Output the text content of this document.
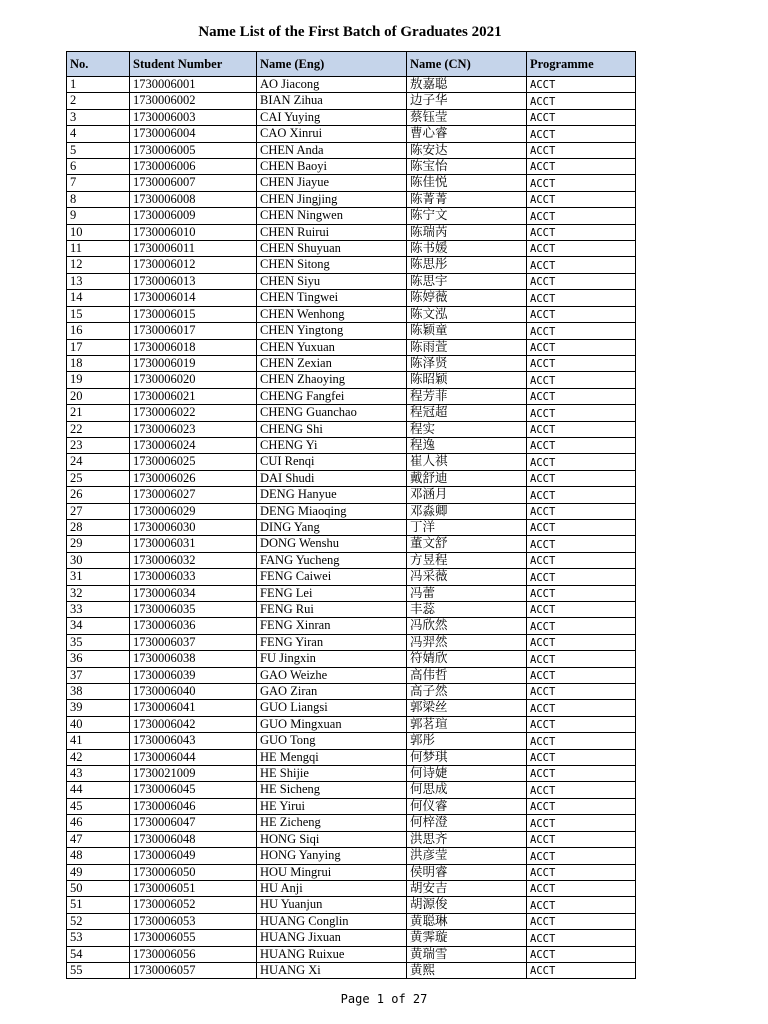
Name List of the First Batch of Graduates 2021
No.	Student Number	Name (Eng)	Name (CN)	Programme
1	1730006001	AO Jiacong	敖嘉聪	ACCT
2	1730006002	BIAN Zihua	边子华	ACCT
3	1730006003	CAI Yuying	蔡钰莹	ACCT
4	1730006004	CAO Xinrui	曹心睿	ACCT
5	1730006005	CHEN Anda	陈安达	ACCT
6	1730006006	CHEN Baoyi	陈宝怡	ACCT
7	1730006007	CHEN Jiayue	陈佳悦	ACCT
8	1730006008	CHEN Jingjing	陈菁菁	ACCT
9	1730006009	CHEN Ningwen	陈宁文	ACCT
10	1730006010	CHEN Ruirui	陈瑞芮	ACCT
11	1730006011	CHEN Shuyuan	陈书媛	ACCT
12	1730006012	CHEN Sitong	陈思彤	ACCT
13	1730006013	CHEN Siyu	陈思宇	ACCT
14	1730006014	CHEN Tingwei	陈婷薇	ACCT
15	1730006015	CHEN Wenhong	陈文泓	ACCT
16	1730006017	CHEN Yingtong	陈颖童	ACCT
17	1730006018	CHEN Yuxuan	陈雨萱	ACCT
18	1730006019	CHEN Zexian	陈泽贤	ACCT
19	1730006020	CHEN Zhaoying	陈昭颖	ACCT
20	1730006021	CHENG Fangfei	程芳菲	ACCT
21	1730006022	CHENG Guanchao	程冠超	ACCT
22	1730006023	CHENG Shi	程实	ACCT
23	1730006024	CHENG Yi	程逸	ACCT
24	1730006025	CUI Renqi	崔人祺	ACCT
25	1730006026	DAI Shudi	戴舒迪	ACCT
26	1730006027	DENG Hanyue	邓涵月	ACCT
27	1730006029	DENG Miaoqing	邓淼卿	ACCT
28	1730006030	DING Yang	丁洋	ACCT
29	1730006031	DONG Wenshu	董文舒	ACCT
30	1730006032	FANG Yucheng	方昱程	ACCT
31	1730006033	FENG Caiwei	冯采薇	ACCT
32	1730006034	FENG Lei	冯蕾	ACCT
33	1730006035	FENG Rui	丰蕊	ACCT
34	1730006036	FENG Xinran	冯欣然	ACCT
35	1730006037	FENG Yiran	冯羿然	ACCT
36	1730006038	FU Jingxin	符婧欣	ACCT
37	1730006039	GAO Weizhe	高伟哲	ACCT
38	1730006040	GAO Ziran	高子然	ACCT
39	1730006041	GUO Liangsi	郭梁丝	ACCT
40	1730006042	GUO Mingxuan	郭茗瑄	ACCT
41	1730006043	GUO Tong	郭彤	ACCT
42	1730006044	HE Mengqi	何梦琪	ACCT
43	1730021009	HE Shijie	何诗婕	ACCT
44	1730006045	HE Sicheng	何思成	ACCT
45	1730006046	HE Yirui	何仪睿	ACCT
46	1730006047	HE Zicheng	何梓澄	ACCT
47	1730006048	HONG Siqi	洪思齐	ACCT
48	1730006049	HONG Yanying	洪彦莹	ACCT
49	1730006050	HOU Mingrui	侯明睿	ACCT
50	1730006051	HU Anji	胡安吉	ACCT
51	1730006052	HU Yuanjun	胡源俊	ACCT
52	1730006053	HUANG Conglin	黄聪琳	ACCT
53	1730006055	HUANG Jixuan	黄霁璇	ACCT
54	1730006056	HUANG Ruixue	黄瑞雪	ACCT
55	1730006057	HUANG Xi	黄熙	ACCT
Page 1 of 27
